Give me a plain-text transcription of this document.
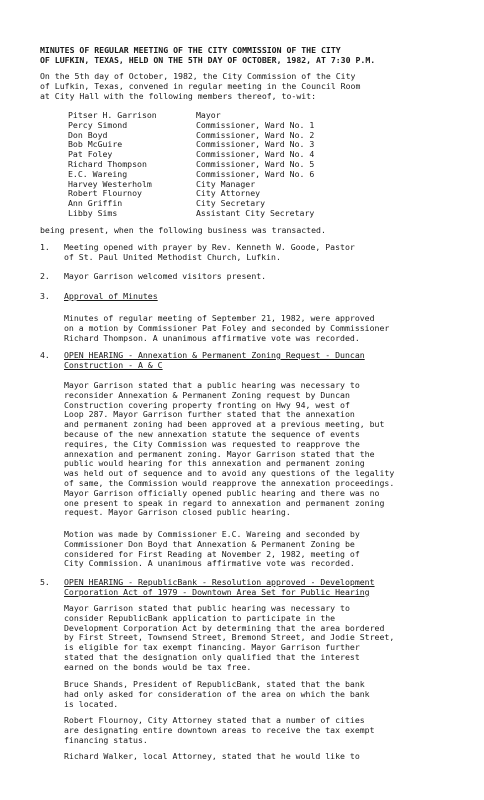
MINUTES OF REGULAR MEETING OF THE CITY COMMISSION OF THE CITY
OF LUFKIN, TEXAS, HELD ON THE 5TH DAY OF OCTOBER, 1982, AT 7:30 P.M.
On the 5th day of October, 1982, the City Commission of the City
of Lufkin, Texas, convened in regular meeting in the Council Room
at City Hall with the following members thereof, to-wit:
Pitser H. Garrison	Mayor
Percy Simond	Commissioner, Ward No. 1
Don Boyd	Commissioner, Ward No. 2
Bob McGuire	Commissioner, Ward No. 3
Pat Foley	Commissioner, Ward No. 4
Richard Thompson	Commissioner, Ward No. 5
E.C. Wareing	Commissioner, Ward No. 6
Harvey Westerholm	City Manager
Robert Flournoy	City Attorney
Ann Griffin	City Secretary
Libby Sims	Assistant City Secretary
being present, when the following business was transacted.
1.	Meeting opened with prayer by Rev. Kenneth W. Goode, Pastor
of St. Paul United Methodist Church, Lufkin.
2.	Mayor Garrison welcomed visitors present.
3.	Approval of Minutes
Minutes of regular meeting of September 21, 1982, were approved
on a motion by Commissioner Pat Foley and seconded by Commissioner
Richard Thompson. A unanimous affirmative vote was recorded.
4.	OPEN HEARING - Annexation & Permanent Zoning Request - Duncan
Construction - A & C
Mayor Garrison stated that a public hearing was necessary to
reconsider Annexation & Permanent Zoning request by Duncan
Construction covering property fronting on Hwy 94, west of
Loop 287. Mayor Garrison further stated that the annexation
and permanent zoning had been approved at a previous meeting, but
because of the new annexation statute the sequence of events
requires, the City Commission was requested to reapprove the
annexation and permanent zoning. Mayor Garrison stated that the
public would hearing for this annexation and permanent zoning
was held out of sequence and to avoid any questions of the legality
of same, the Commission would reapprove the annexation proceedings.
Mayor Garrison officially opened public hearing and there was no
one present to speak in regard to annexation and permanent zoning
request. Mayor Garrison closed public hearing.
Motion was made by Commissioner E.C. Wareing and seconded by
Commissioner Don Boyd that Annexation & Permanent Zoning be
considered for First Reading at November 2, 1982, meeting of
City Commission. A unanimous affirmative vote was recorded.
5.	OPEN HEARING - RepublicBank - Resolution approved - Development
Corporation Act of 1979 - Downtown Area Set for Public Hearing
Mayor Garrison stated that public hearing was necessary to
consider RepublicBank application to participate in the
Development Corporation Act by determining that the area bordered
by First Street, Townsend Street, Bremond Street, and Jodie Street,
is eligible for tax exempt financing. Mayor Garrison further
stated that the designation only qualified that the interest
earned on the bonds would be tax free.
Bruce Shands, President of RepublicBank, stated that the bank
had only asked for consideration of the area on which the bank
is located.
Robert Flournoy, City Attorney stated that a number of cities
are designating entire downtown areas to receive the tax exempt
financing status.
Richard Walker, local Attorney, stated that he would like to
